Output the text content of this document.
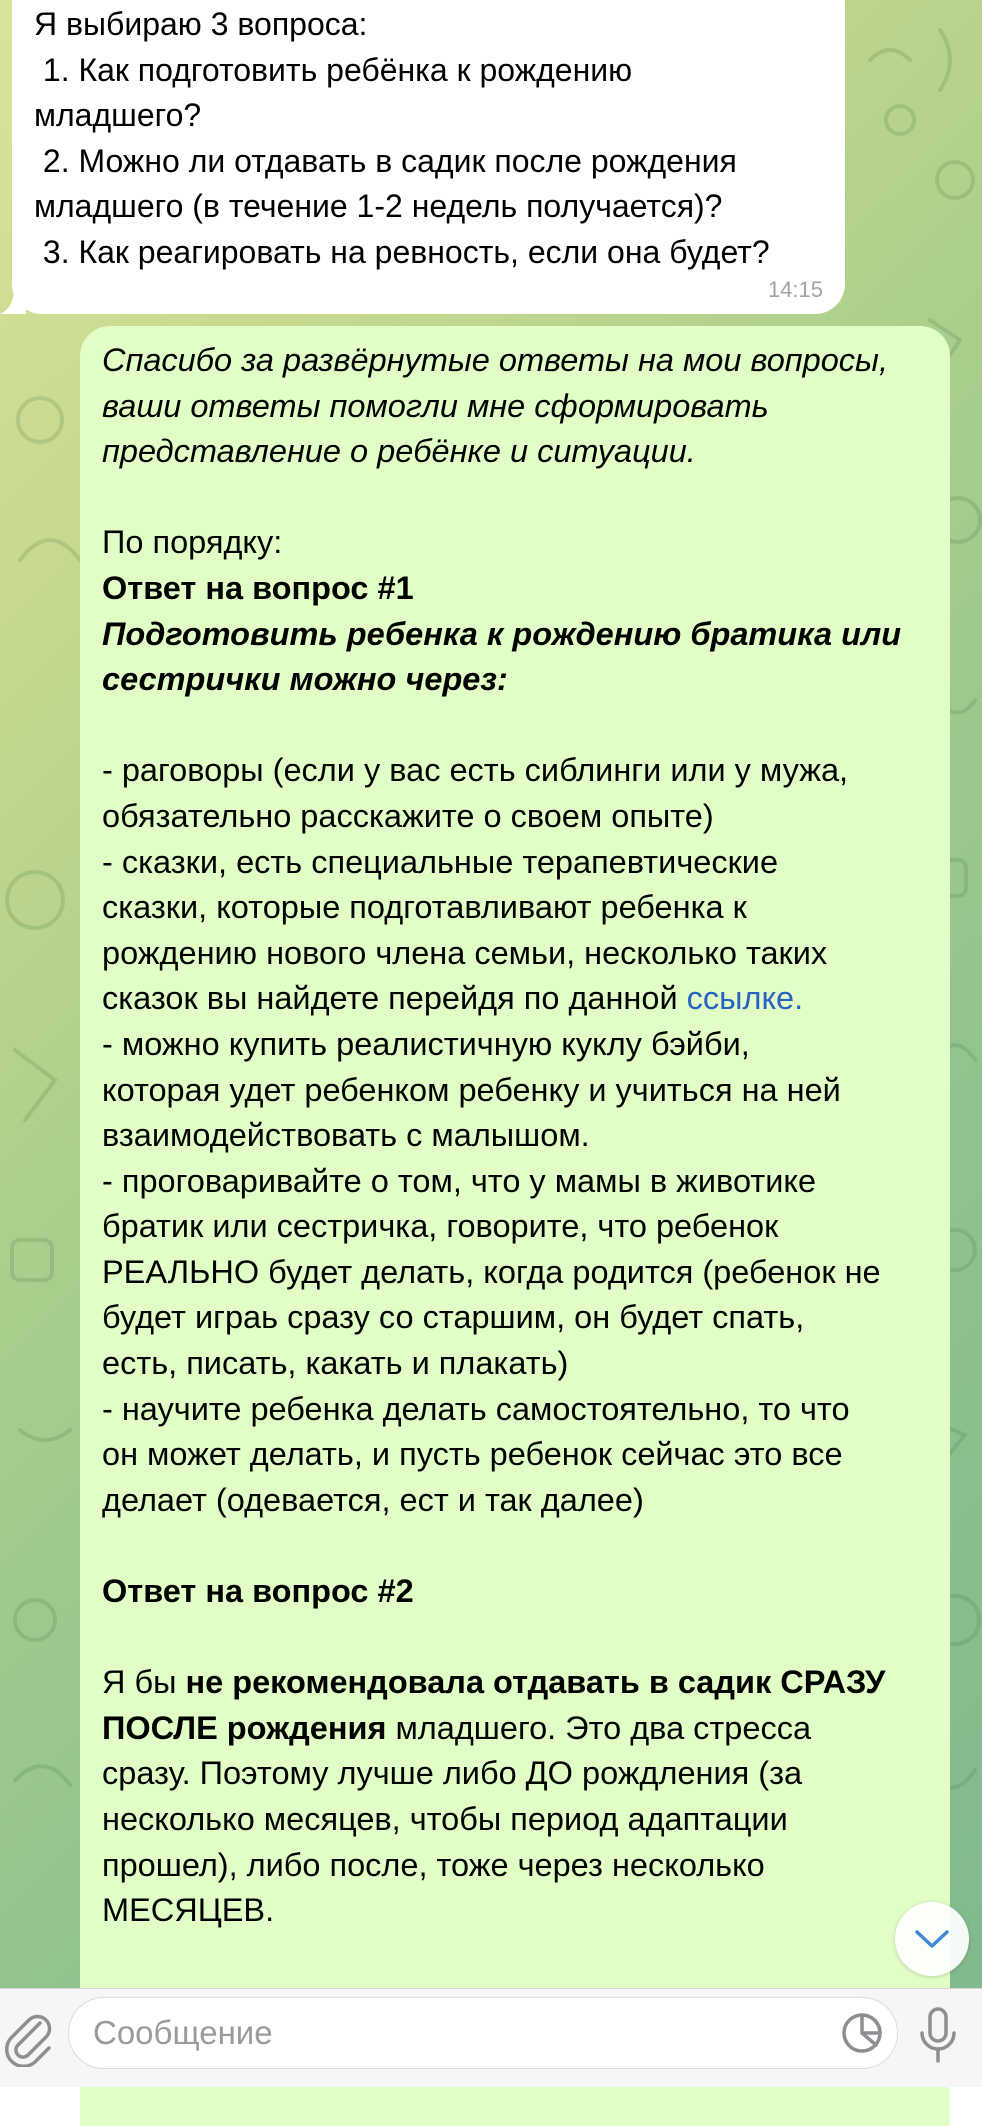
Я выбираю 3 вопроса:
1. Как подготовить ребёнка к рождению
младшего?
2. Можно ли отдавать в садик после рождения
младшего (в течение 1-2 недель получается)?
3. Как реагировать на ревность, если она будет?
14:15
Спасибо за развёрнутые ответы на мои вопросы,
ваши ответы помогли мне сформировать
представление о ребёнке и ситуации.
По порядку:
Ответ на вопрос #1
Подготовить ребенка к рождению братика или
сестрички можно через:
- раговоры (если у вас есть сиблинги или у мужа,
обязательно расскажите о своем опыте)
- сказки, есть специальные терапевтические
сказки, которые подготавливают ребенка к
рождению нового члена семьи, несколько таких
сказок вы найдете перейдя по данной ссылке.
- можно купить реалистичную куклу бэйби,
которая удет ребенком ребенку и учиться на ней
взаимодействовать с малышом.
- проговаривайте о том, что у мамы в животике
братик или сестричка, говорите, что ребенок
РЕАЛЬНО будет делать, когда родится (ребенок не
будет играь сразу со старшим, он будет спать,
есть, писать, какать и плакать)
- научите ребенка делать самостоятельно, то что
он может делать, и пусть ребенок сейчас это все
делает (одевается, ест и так далее)
Ответ на вопрос #2
Я бы не рекомендовала отдавать в садик СРАЗУ
ПОСЛЕ рождения младшего. Это два стресса
сразу. Поэтому лучше либо ДО рождления (за
несколько месяцев, чтобы период адаптации
прошел), либо после, тоже через несколько
МЕСЯЦЕВ.
Сообщение
